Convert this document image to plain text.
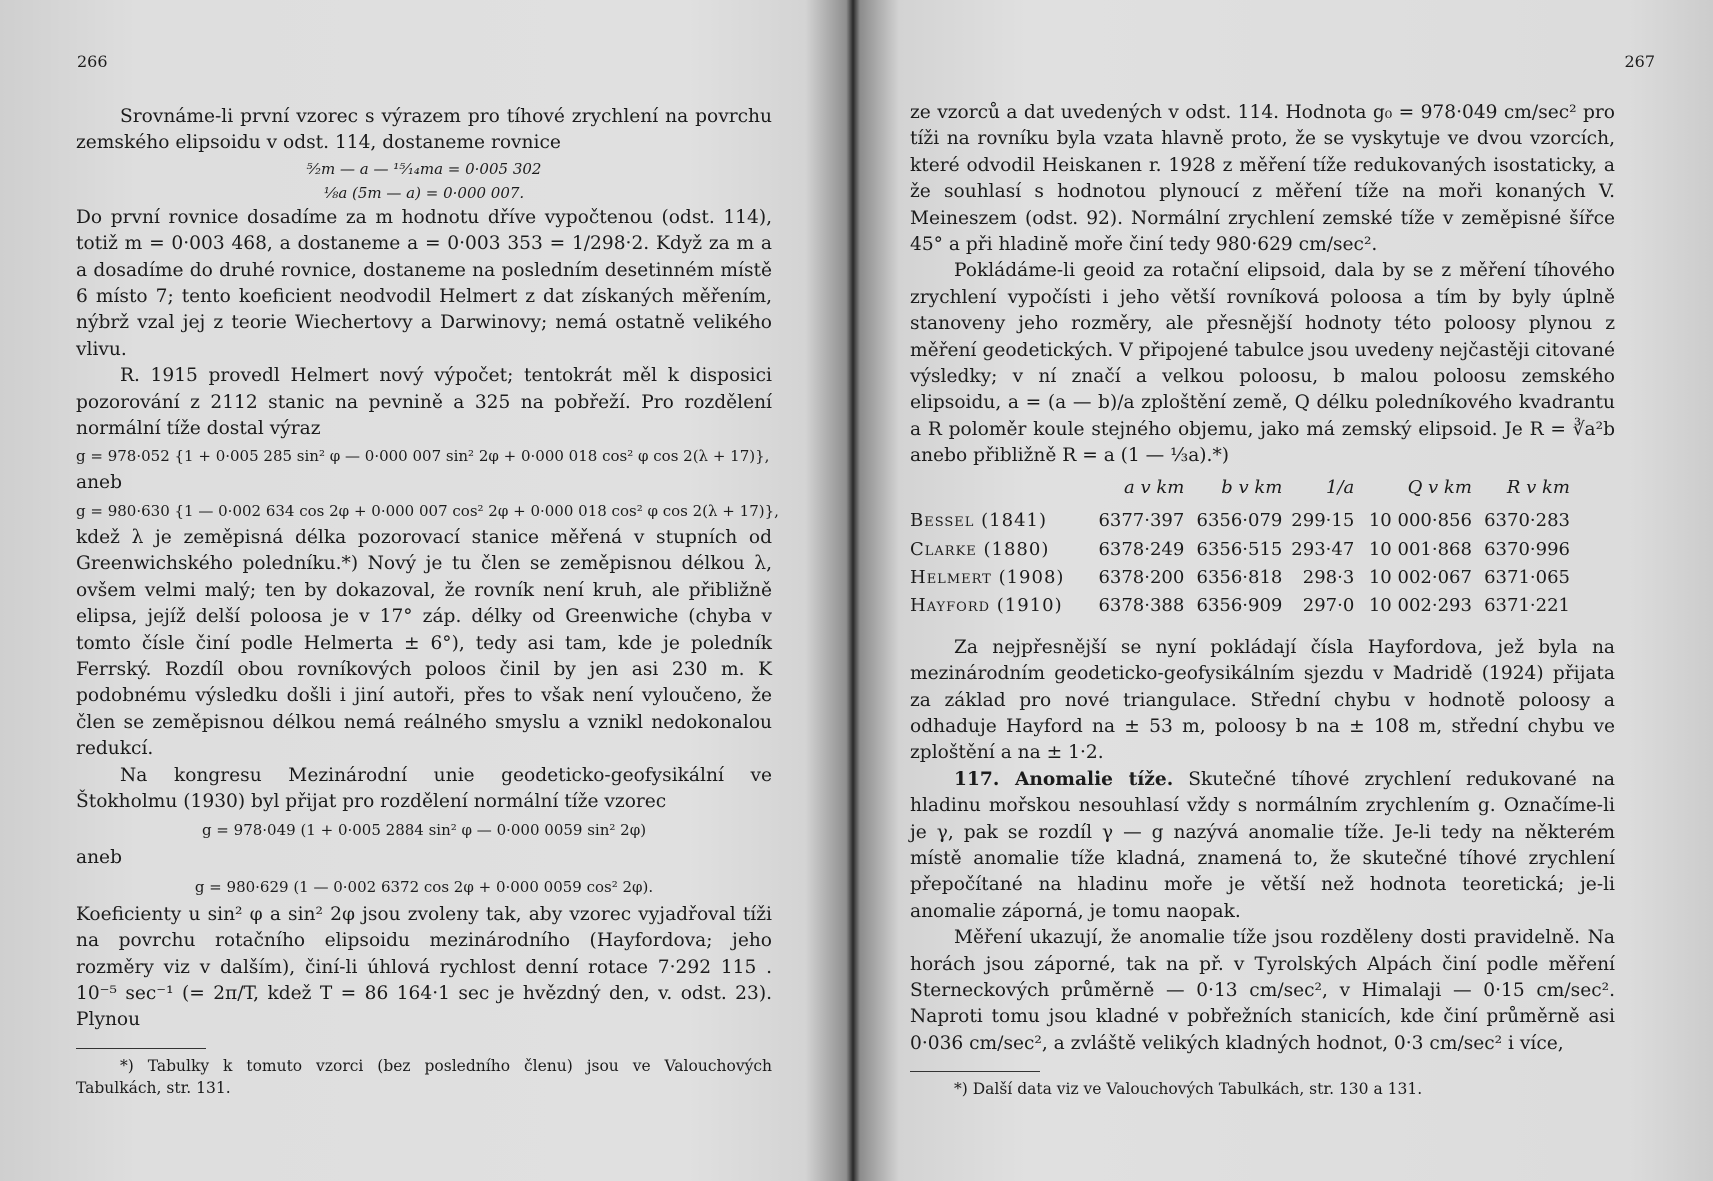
266

Srovnáme-li první vzorec s výrazem pro tíhové zrychlení na povrchu zemského elipsoidu v odst. 114, dostaneme rovnice

⁵⁄₂m — a — ¹⁵⁄₁₄ma = 0·005 302
⅛a (5m — a) = 0·000 007.

Do první rovnice dosadíme za m hodnotu dříve vypočtenou (odst. 114), totiž m = 0·003 468, a dostaneme a = 0·003 353 = 1/298·2. Když za m a a dosadíme do druhé rovnice, dostaneme na posledním desetinném místě 6 místo 7; tento koeficient neodvodil Helmert z dat získaných měřením, nýbrž vzal jej z teorie Wiechertovy a Darwinovy; nemá ostatně velikého vlivu.

R. 1915 provedl Helmert nový výpočet; tentokrát měl k disposici pozorování z 2112 stanic na pevnině a 325 na pobřeží. Pro rozdělení normální tíže dostal výraz

g = 978·052 {1 + 0·005 285 sin² φ — 0·000 007 sin² 2φ + 0·000 018 cos² φ cos 2(λ + 17)},
aneb
g = 980·630 {1 — 0·002 634 cos 2φ + 0·000 007 cos² 2φ + 0·000 018 cos² φ cos 2(λ + 17)},

kdež λ je zeměpisná délka pozorovací stanice měřená v stupních od Greenwichského poledníku.*) Nový je tu člen se zeměpisnou délkou λ, ovšem velmi malý; ten by dokazoval, že rovník není kruh, ale přibližně elipsa, jejíž delší poloosa je v 17° záp. délky od Greenwiche (chyba v tomto čísle činí podle Helmerta ± 6°), tedy asi tam, kde je poledník Ferrský. Rozdíl obou rovníkových poloos činil by jen asi 230 m. K podobnému výsledku došli i jiní autoři, přes to však není vyloučeno, že člen se zeměpisnou délkou nemá reálného smyslu a vznikl nedokonalou redukcí.

Na kongresu Mezinárodní unie geodeticko-geofysikální ve Štokholmu (1930) byl přijat pro rozdělení normální tíže vzorec

g = 978·049 (1 + 0·005 2884 sin² φ — 0·000 0059 sin² 2φ)
aneb
g = 980·629 (1 — 0·002 6372 cos 2φ + 0·000 0059 cos² 2φ).

Koeficienty u sin² φ a sin² 2φ jsou zvoleny tak, aby vzorec vyjadřoval tíži na povrchu rotačního elipsoidu mezinárodního (Hayfordova; jeho rozměry viz v dalším), činí-li úhlová rychlost denní rotace 7·292 115 . 10⁻⁵ sec⁻¹ (= 2π/T, kdež T = 86 164·1 sec je hvězdný den, v. odst. 23). Plynou

*) Tabulky k tomuto vzorci (bez posledního členu) jsou ve Valouchových Tabulkách, str. 131.

267

ze vzorců a dat uvedených v odst. 114. Hodnota g₀ = 978·049 cm/sec² pro tíži na rovníku byla vzata hlavně proto, že se vyskytuje ve dvou vzorcích, které odvodil Heiskanen r. 1928 z měření tíže redukovaných isostaticky, a že souhlasí s hodnotou plynoucí z měření tíže na moři konaných V. Meineszem (odst. 92). Normální zrychlení zemské tíže v zeměpisné šířce 45° a při hladině moře činí tedy 980·629 cm/sec².

Pokládáme-li geoid za rotační elipsoid, dala by se z měření tíhového zrychlení vypočísti i jeho větší rovníková poloosa a tím by byly úplně stanoveny jeho rozměry, ale přesnější hodnoty této poloosy plynou z měření geodetických. V připojené tabulce jsou uvedeny nejčastěji citované výsledky; v ní značí a velkou poloosu, b malou poloosu zemského elipsoidu, a = (a — b)/a zploštění země, Q délku poledníkového kvadrantu a R poloměr koule stejného objemu, jako má zemský elipsoid. Je R = ∛a²b anebo přibližně R = a (1 — ⅓a).*)

	a v km	b v km	1/a	Q v km	R v km
Bessel (1841)	6377·397	6356·079	299·15	10 000·856	6370·283
Clarke (1880)	6378·249	6356·515	293·47	10 001·868	6370·996
Helmert (1908)	6378·200	6356·818	298·3	10 002·067	6371·065
Hayford (1910)	6378·388	6356·909	297·0	10 002·293	6371·221

Za nejpřesnější se nyní pokládají čísla Hayfordova, jež byla na mezinárodním geodeticko-geofysikálním sjezdu v Madridě (1924) přijata za základ pro nové triangulace. Střední chybu v hodnotě poloosy a odhaduje Hayford na ± 53 m, poloosy b na ± 108 m, střední chybu ve zploštění a na ± 1·2.

117. Anomalie tíže. Skutečné tíhové zrychlení redukované na hladinu mořskou nesouhlasí vždy s normálním zrychlením g. Označíme-li je γ, pak se rozdíl γ — g nazývá anomalie tíže. Je-li tedy na některém místě anomalie tíže kladná, znamená to, že skutečné tíhové zrychlení přepočítané na hladinu moře je větší než hodnota teoretická; je-li anomalie záporná, je tomu naopak.

Měření ukazují, že anomalie tíže jsou rozděleny dosti pravidelně. Na horách jsou záporné, tak na př. v Tyrolských Alpách činí podle měření Sterneckových průměrně — 0·13 cm/sec², v Himalaji — 0·15 cm/sec². Naproti tomu jsou kladné v pobřežních stanicích, kde činí průměrně asi 0·036 cm/sec², a zvláště velikých kladných hodnot, 0·3 cm/sec² i více,

*) Další data viz ve Valouchových Tabulkách, str. 130 a 131.
